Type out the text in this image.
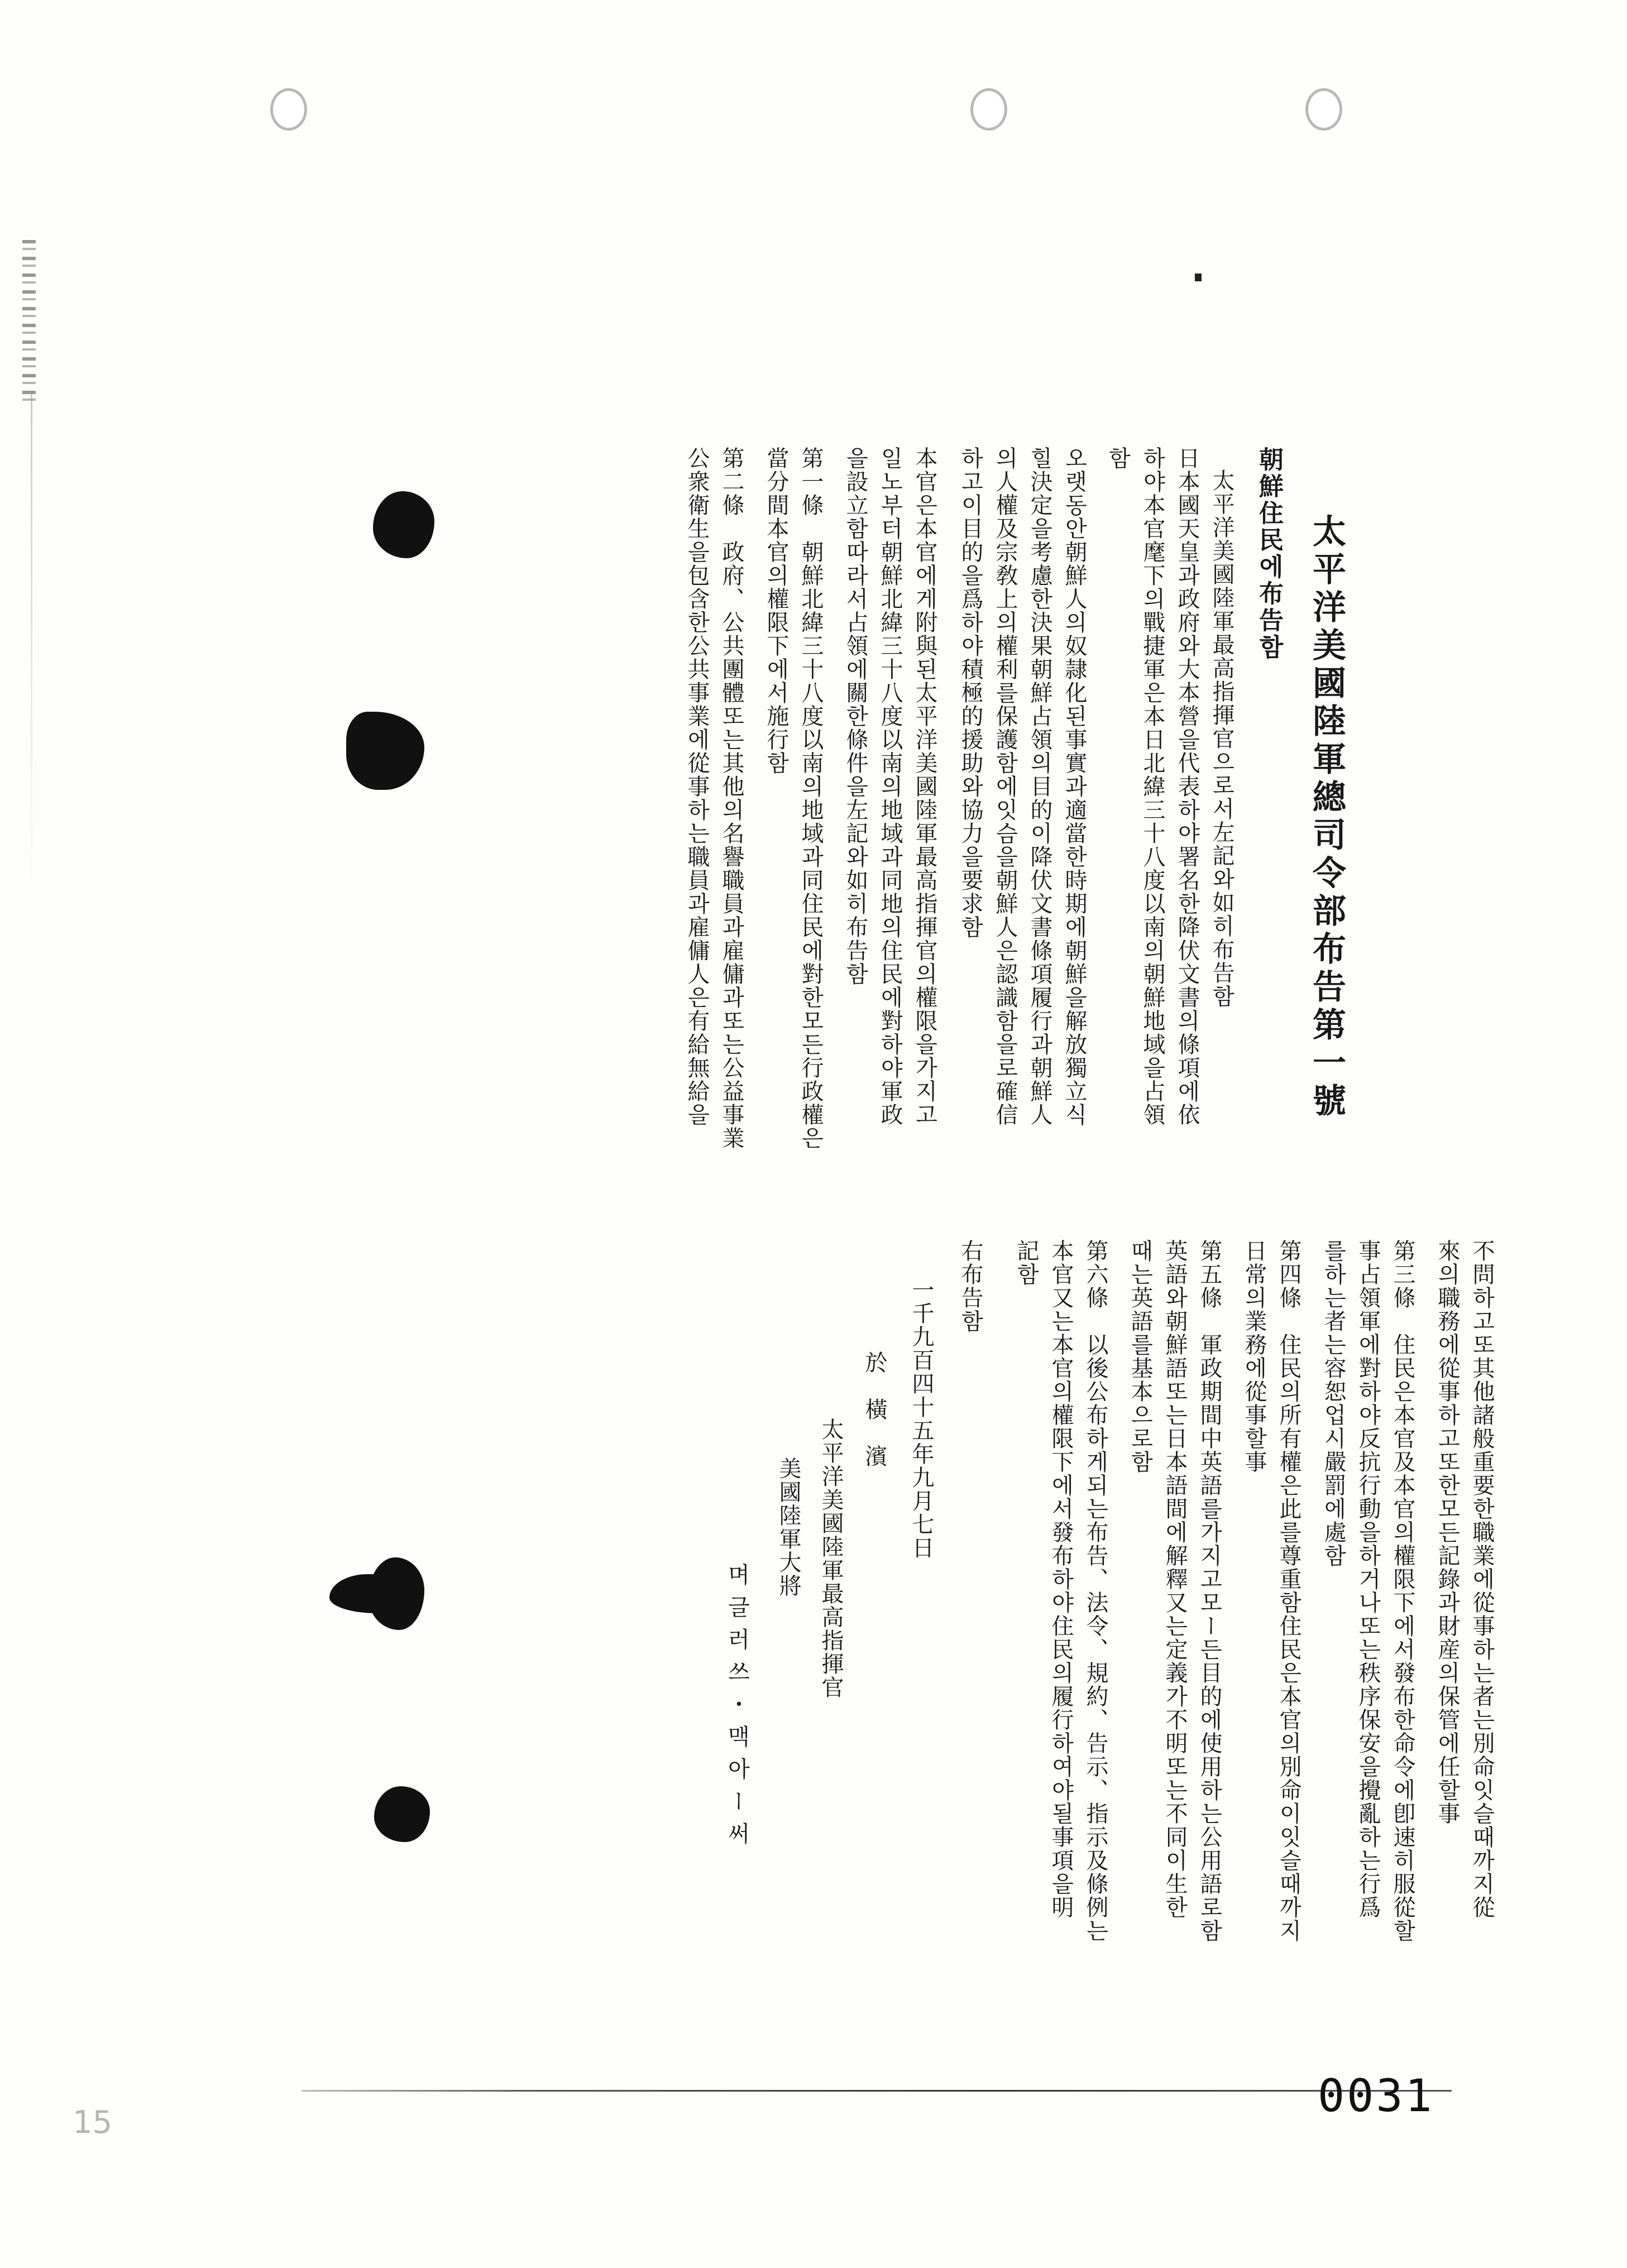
太平洋美國陸軍總司令部布告第一號
朝鮮住民에布告함
太平洋美國陸軍最高指揮官으로서左記와如히布告함
日本國天皇과政府와大本營을代表하야署名한降伏文書의條項에依
하야本官麾下의戰捷軍은本日北緯三十八度以南의朝鮮地域을占領
함
오랫동안朝鮮人의奴隷化된事實과適當한時期에朝鮮을解放獨立식
힐決定을考慮한決果朝鮮占領의目的이降伏文書條項履行과朝鮮人
의人權及宗敎上의權利를保護함에잇슴을朝鮮人은認識함을로確信
하고이目的을爲하야積極的援助와協力을要求함
本官은本官에게附與된太平洋美國陸軍最高指揮官의權限을가지고
일노부터朝鮮北緯三十八度以南의地域과同地의住民에對하야軍政
을設立함따라서占領에關한條件을左記와如히布告함
第一條　朝鮮北緯三十八度以南의地域과同住民에對한모든行政權은
當分間本官의權限下에서施行함
第二條　政府、公共團體또는其他의名譽職員과雇傭과또는公益事業
公衆衛生을包含한公共事業에從事하는職員과雇傭人은有給無給을
不問하고또其他諸般重要한職業에從事하는者는別命잇슬때까지從
來의職務에從事하고또한모든記錄과財産의保管에任할事
第三條　住民은本官及本官의權限下에서發布한命令에卽速히服從할
事占領軍에對하야反抗行動을하거나또는秩序保安을攪亂하는行爲
를하는者는容恕업시嚴罰에處함
第四條　住民의所有權은此를尊重함住民은本官의別命이잇슬때까지
日常의業務에從事할事
第五條　軍政期間中英語를가지고모ー든目的에使用하는公用語로함
英語와朝鮮語또는日本語間에解釋又는定義가不明또는不同이生한
때는英語를基本으로함
第六條　以後公布하게되는布告、法令、規約、告示、指示及條例는
本官又는本官의權限下에서發布하야住民의履行하여야될事項을明
記함
右布告함
一千九百四十五年九月七日
於　橫　濱
太平洋美國陸軍最高指揮官
美國陸軍大將
며글러쓰・맥아ー써
0031
15
